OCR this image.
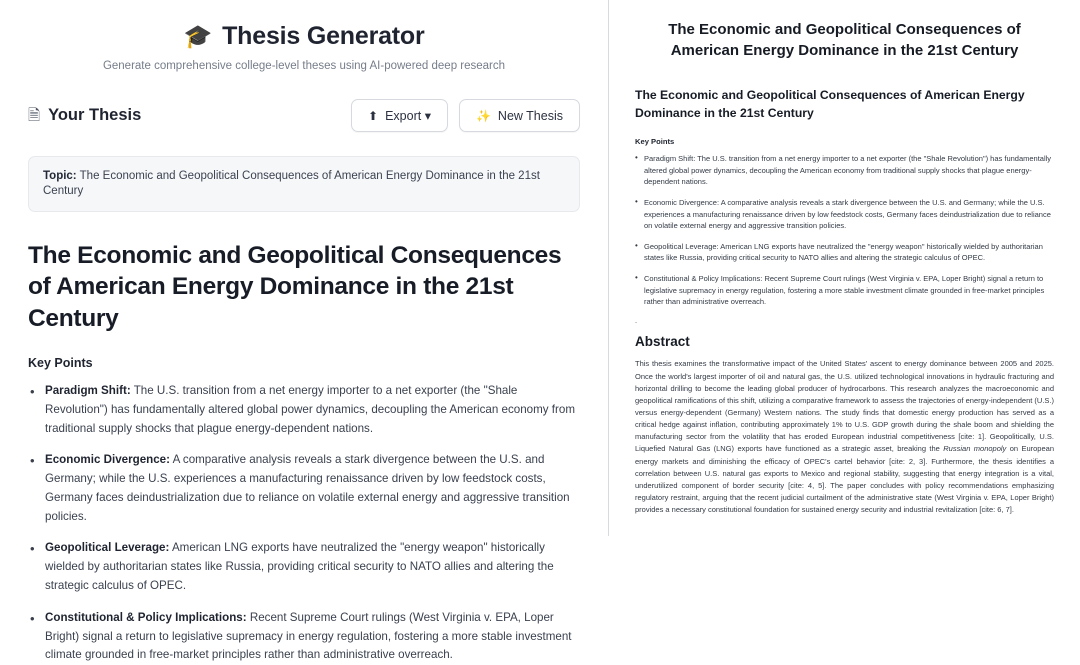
🎓 Thesis Generator
Generate comprehensive college-level theses using AI-powered deep research
🗎 Your Thesis	⬆ Export ▾	✨ New Thesis
Topic: The Economic and Geopolitical Consequences of American Energy Dominance in the 21st Century
The Economic and Geopolitical Consequences of American Energy Dominance in the 21st Century
Key Points
• Paradigm Shift: The U.S. transition from a net energy importer to a net exporter (the "Shale Revolution") has fundamentally altered global power dynamics, decoupling the American economy from traditional supply shocks that plague energy-dependent nations.
• Economic Divergence: A comparative analysis reveals a stark divergence between the U.S. and Germany; while the U.S. experiences a manufacturing renaissance driven by low feedstock costs, Germany faces deindustrialization due to reliance on volatile external energy and aggressive transition policies.
• Geopolitical Leverage: American LNG exports have neutralized the "energy weapon" historically wielded by authoritarian states like Russia, providing critical security to NATO allies and altering the strategic calculus of OPEC.
• Constitutional & Policy Implications: Recent Supreme Court rulings (West Virginia v. EPA, Loper Bright) signal a return to legislative supremacy in energy regulation, fostering a more stable investment climate grounded in free-market principles rather than administrative overreach.
The Economic and Geopolitical Consequences of American Energy Dominance in the 21st Century
The Economic and Geopolitical Consequences of American Energy Dominance in the 21st Century
Key Points
• Paradigm Shift: The U.S. transition from a net energy importer to a net exporter (the "Shale Revolution") has fundamentally altered global power dynamics, decoupling the American economy from traditional supply shocks that plague energy-dependent nations.
• Economic Divergence: A comparative analysis reveals a stark divergence between the U.S. and Germany; while the U.S. experiences a manufacturing renaissance driven by low feedstock costs, Germany faces deindustrialization due to reliance on volatile external energy and aggressive transition policies.
• Geopolitical Leverage: American LNG exports have neutralized the "energy weapon" historically wielded by authoritarian states like Russia, providing critical security to NATO allies and altering the strategic calculus of OPEC.
• Constitutional & Policy Implications: Recent Supreme Court rulings (West Virginia v. EPA, Loper Bright) signal a return to legislative supremacy in energy regulation, fostering a more stable investment climate grounded in free-market principles rather than administrative overreach.
.
Abstract
This thesis examines the transformative impact of the United States' ascent to energy dominance between 2005 and 2025. Once the world's largest importer of oil and natural gas, the U.S. utilized technological innovations in hydraulic fracturing and horizontal drilling to become the leading global producer of hydrocarbons. This research analyzes the macroeconomic and geopolitical ramifications of this shift, utilizing a comparative framework to assess the trajectories of energy-independent (U.S.) versus energy-dependent (Germany) Western nations. The study finds that domestic energy production has served as a critical hedge against inflation, contributing approximately 1% to U.S. GDP growth during the shale boom and shielding the manufacturing sector from the volatility that has eroded European industrial competitiveness [cite: 1]. Geopolitically, U.S. Liquefied Natural Gas (LNG) exports have functioned as a strategic asset, breaking the Russian monopoly on European energy markets and diminishing the efficacy of OPEC's cartel behavior [cite: 2, 3]. Furthermore, the thesis identifies a correlation between U.S. natural gas exports to Mexico and regional stability, suggesting that energy integration is a vital, underutilized component of border security [cite: 4, 5]. The paper concludes with policy recommendations emphasizing regulatory restraint, arguing that the recent judicial curtailment of the administrative state (West Virginia v. EPA, Loper Bright) provides a necessary constitutional foundation for sustained energy security and industrial revitalization [cite: 6, 7].
